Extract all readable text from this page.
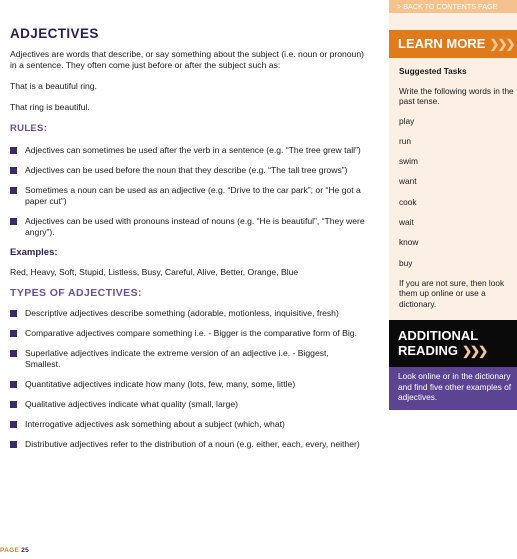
ADJECTIVES

Adjectives are words that describe, or say something about the subject (i.e. noun or pronoun) in a sentence. They often come just before or after the subject such as:

That is a beautiful ring.

That ring is beautiful.

RULES:
Adjectives can sometimes be used after the verb in a sentence (e.g. “The tree grew tall”)
Adjectives can be used before the noun that they describe (e.g. “The tall tree grows”)
Sometimes a noun can be used as an adjective (e.g. “Drive to the car park”; or “He got a paper cut”)
Adjectives can be used with pronouns instead of nouns (e.g. “He is beautiful”, “They were angry”).
Examples:

Red, Heavy, Soft, Stupid, Listless, Busy, Careful, Alive, Better, Orange, Blue

TYPES OF ADJECTIVES:
Descriptive adjectives describe something (adorable, motionless, inquisitive, fresh)
Comparative adjectives compare something i.e. - Bigger is the comparative form of Big.
Superlative adjectives indicate the extreme version of an adjective i.e. - Biggest, Smallest.
Quantitative adjectives indicate how many (lots, few, many, some, little)
Qualitative adjectives indicate what quality (small, large)
Interrogative adjectives ask something about a subject (which, what)
Distributive adjectives refer to the distribution of a noun (e.g. either, each, every, neither)
PAGE 25
> BACK TO CONTENTS PAGE
LEARN MORE ❯❯❯
Suggested Tasks
Write the following words in the past tense.
play
run
swim
want
cook
wait
know
buy
If you are not sure, then look them up online or use a dictionary.
ADDITIONAL
READING ❯❯❯
Look online or in the dictionary and find five other examples of adjectives.
